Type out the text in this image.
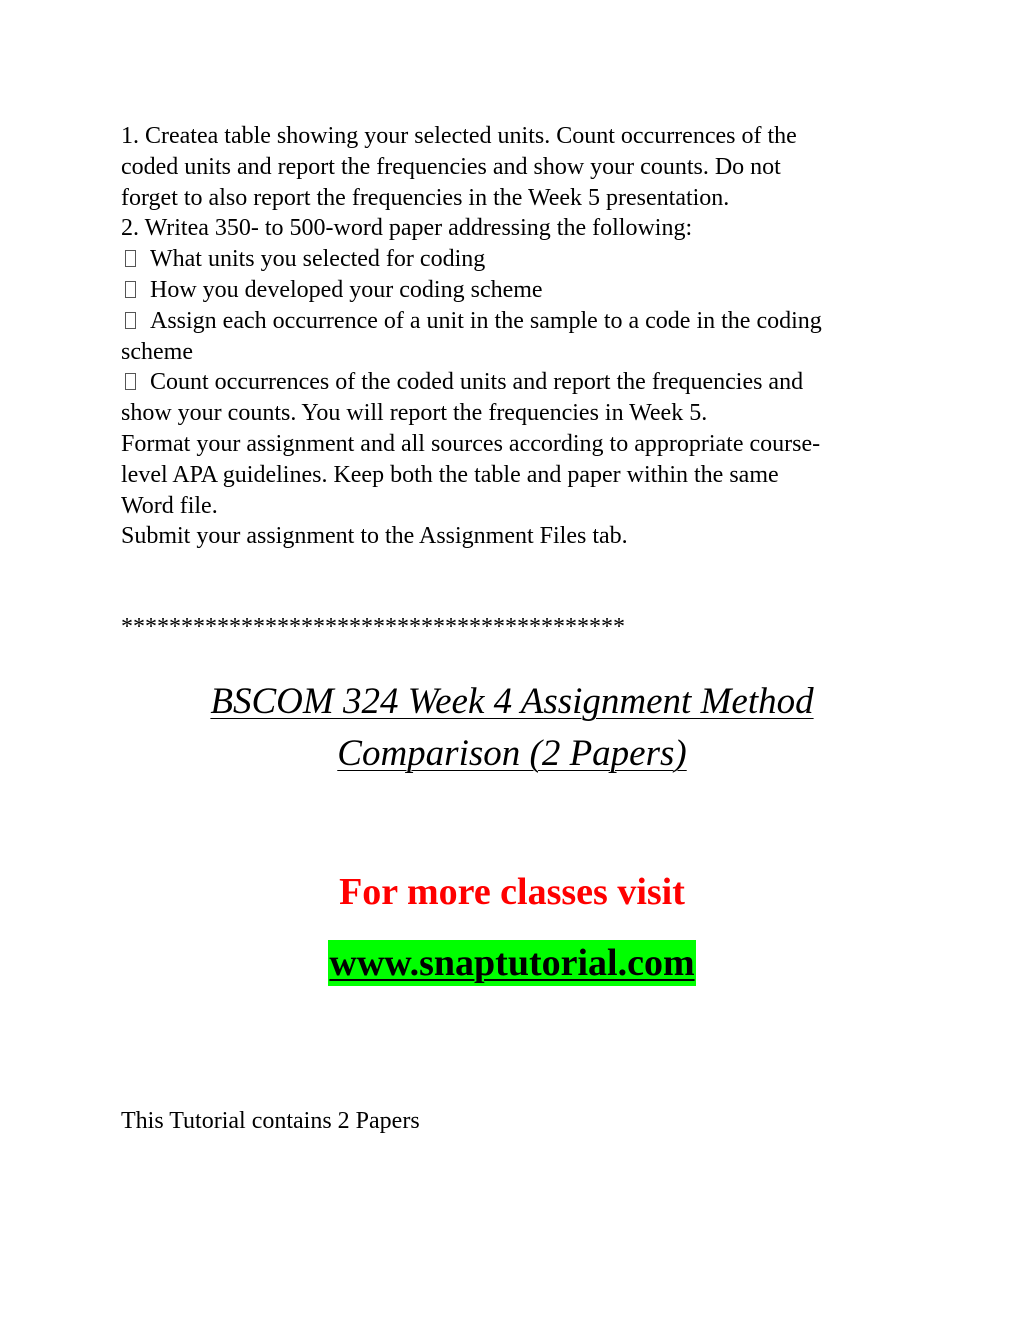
1. Createa table showing your selected units. Count occurrences of the
coded units and report the frequencies and show your counts. Do not
forget to also report the frequencies in the Week 5 presentation.
2. Writea 350- to 500-word paper addressing the following:
What units you selected for coding
How you developed your coding scheme
Assign each occurrence of a unit in the sample to a code in the coding
scheme
Count occurrences of the coded units and report the frequencies and
show your counts. You will report the frequencies in Week 5.
Format your assignment and all sources according to appropriate course-
level APA guidelines. Keep both the table and paper within the same
Word file.
Submit your assignment to the Assignment Files tab.
******************************************
BSCOM 324 Week 4 Assignment Method
Comparison (2 Papers)
For more classes visit
www.snaptutorial.com
This Tutorial contains 2 Papers
